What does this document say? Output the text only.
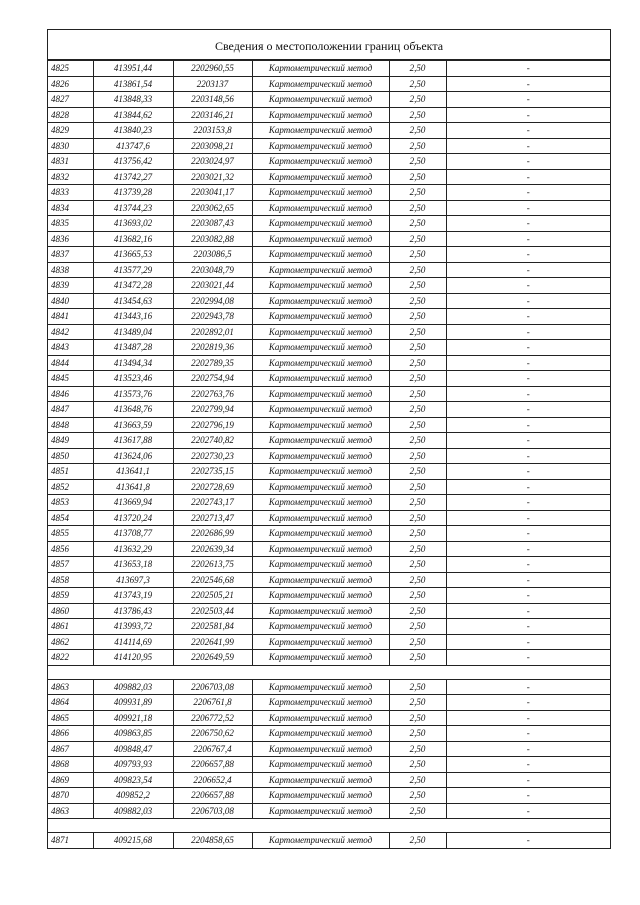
Сведения о местоположении границ объекта
4825	413951,44	2202960,55	Картометрический метод	2,50	-
4826	413861,54	2203137	Картометрический метод	2,50	-
4827	413848,33	2203148,56	Картометрический метод	2,50	-
4828	413844,62	2203146,21	Картометрический метод	2,50	-
4829	413840,23	2203153,8	Картометрический метод	2,50	-
4830	413747,6	2203098,21	Картометрический метод	2,50	-
4831	413756,42	2203024,97	Картометрический метод	2,50	-
4832	413742,27	2203021,32	Картометрический метод	2,50	-
4833	413739,28	2203041,17	Картометрический метод	2,50	-
4834	413744,23	2203062,65	Картометрический метод	2,50	-
4835	413693,02	2203087,43	Картометрический метод	2,50	-
4836	413682,16	2203082,88	Картометрический метод	2,50	-
4837	413665,53	2203086,5	Картометрический метод	2,50	-
4838	413577,29	2203048,79	Картометрический метод	2,50	-
4839	413472,28	2203021,44	Картометрический метод	2,50	-
4840	413454,63	2202994,08	Картометрический метод	2,50	-
4841	413443,16	2202943,78	Картометрический метод	2,50	-
4842	413489,04	2202892,01	Картометрический метод	2,50	-
4843	413487,28	2202819,36	Картометрический метод	2,50	-
4844	413494,34	2202789,35	Картометрический метод	2,50	-
4845	413523,46	2202754,94	Картометрический метод	2,50	-
4846	413573,76	2202763,76	Картометрический метод	2,50	-
4847	413648,76	2202799,94	Картометрический метод	2,50	-
4848	413663,59	2202796,19	Картометрический метод	2,50	-
4849	413617,88	2202740,82	Картометрический метод	2,50	-
4850	413624,06	2202730,23	Картометрический метод	2,50	-
4851	413641,1	2202735,15	Картометрический метод	2,50	-
4852	413641,8	2202728,69	Картометрический метод	2,50	-
4853	413669,94	2202743,17	Картометрический метод	2,50	-
4854	413720,24	2202713,47	Картометрический метод	2,50	-
4855	413708,77	2202686,99	Картометрический метод	2,50	-
4856	413632,29	2202639,34	Картометрический метод	2,50	-
4857	413653,18	2202613,75	Картометрический метод	2,50	-
4858	413697,3	2202546,68	Картометрический метод	2,50	-
4859	413743,19	2202505,21	Картометрический метод	2,50	-
4860	413786,43	2202503,44	Картометрический метод	2,50	-
4861	413993,72	2202581,84	Картометрический метод	2,50	-
4862	414114,69	2202641,99	Картометрический метод	2,50	-
4822	414120,95	2202649,59	Картометрический метод	2,50	-

4863	409882,03	2206703,08	Картометрический метод	2,50	-
4864	409931,89	2206761,8	Картометрический метод	2,50	-
4865	409921,18	2206772,52	Картометрический метод	2,50	-
4866	409863,85	2206750,62	Картометрический метод	2,50	-
4867	409848,47	2206767,4	Картометрический метод	2,50	-
4868	409793,93	2206657,88	Картометрический метод	2,50	-
4869	409823,54	2206652,4	Картометрический метод	2,50	-
4870	409852,2	2206657,88	Картометрический метод	2,50	-
4863	409882,03	2206703,08	Картометрический метод	2,50	-

4871	409215,68	2204858,65	Картометрический метод	2,50	-
